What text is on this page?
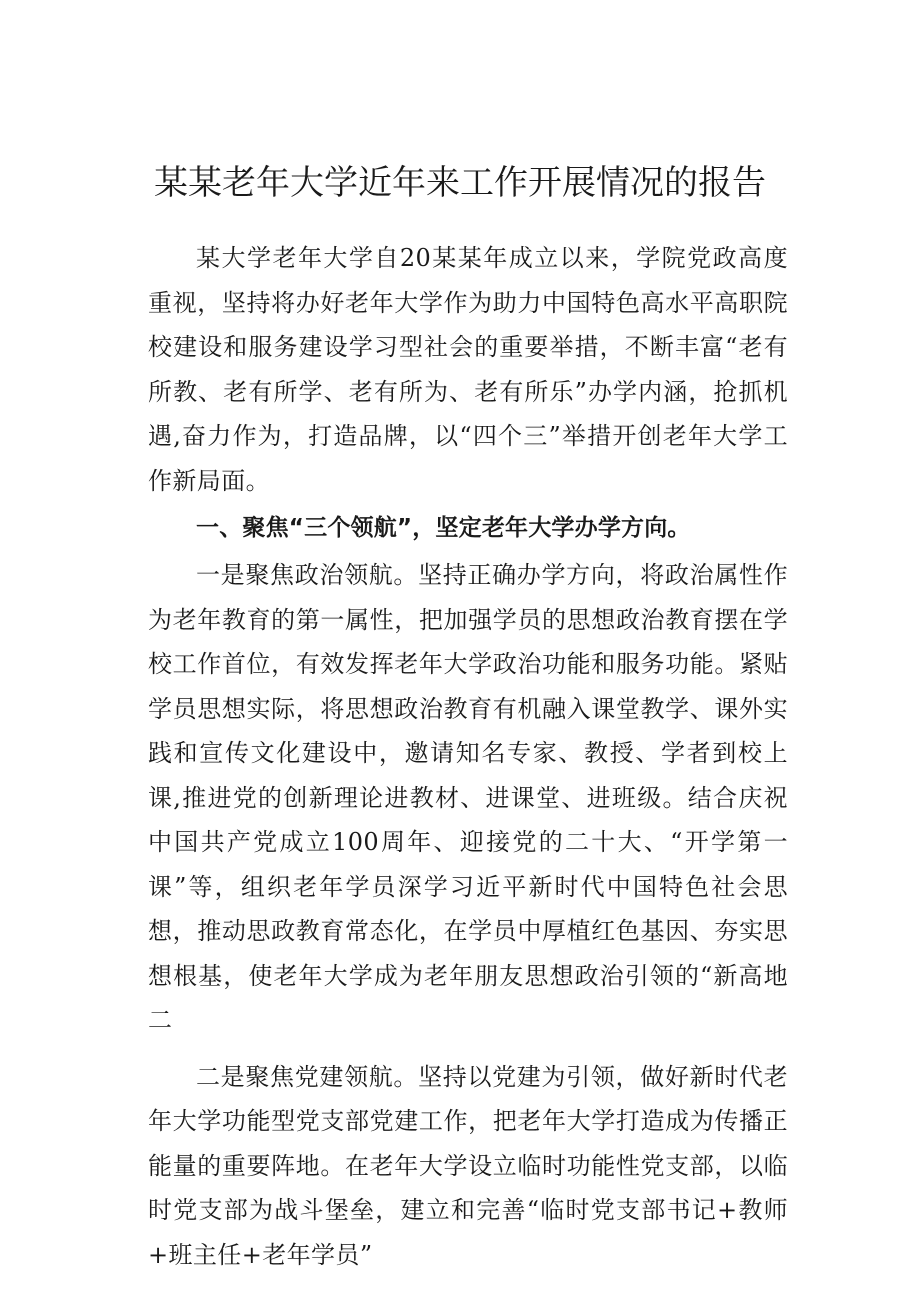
某某老年大学近年来工作开展情况的报告

某大学老年大学自20某某年成立以来，学院党政高度重视，坚持将办好老年大学作为助力中国特色高水平高职院校建设和服务建设学习型社会的重要举措，不断丰富“老有所教、老有所学、老有所为、老有所乐”办学内涵，抢抓机遇,奋力作为，打造品牌，以“四个三”举措开创老年大学工作新局面。

一、聚焦“三个领航”，坚定老年大学办学方向。

一是聚焦政治领航。坚持正确办学方向，将政治属性作为老年教育的第一属性，把加强学员的思想政治教育摆在学校工作首位，有效发挥老年大学政治功能和服务功能。紧贴学员思想实际，将思想政治教育有机融入课堂教学、课外实践和宣传文化建设中，邀请知名专家、教授、学者到校上课,推进党的创新理论进教材、进课堂、进班级。结合庆祝中国共产党成立100周年、迎接党的二十大、“开学第一课”等，组织老年学员深学习近平新时代中国特色社会思想，推动思政教育常态化，在学员中厚植红色基因、夯实思想根基，使老年大学成为老年朋友思想政治引领的“新高地二

二是聚焦党建领航。坚持以党建为引领，做好新时代老年大学功能型党支部党建工作，把老年大学打造成为传播正能量的重要阵地。在老年大学设立临时功能性党支部，以临时党支部为战斗堡垒，建立和完善“临时党支部书记+教师+班主任+老年学员”
